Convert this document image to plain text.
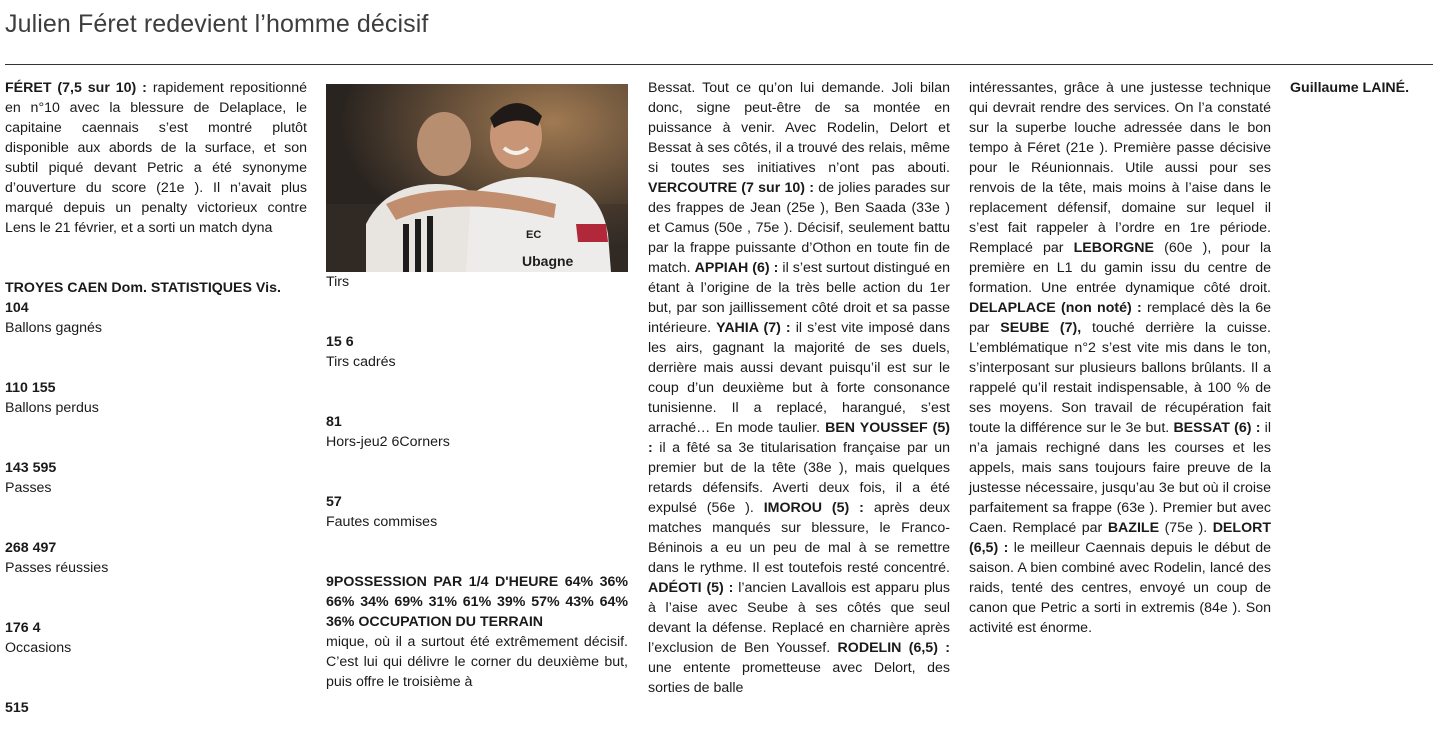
Julien Féret redevient l’homme décisif

FÉRET (7,5 sur 10) : rapidement repositionné en n°10 avec la blessure de Delaplace, le capitaine caennais s’est montré plutôt disponible aux abords de la surface, et son subtil piqué devant Petric a été synonyme d’ouverture du score (21e ). Il n’avait plus marqué depuis un penalty victorieux contre Lens le 21 février, et a sorti un match dyna

TROYES CAEN Dom. STATISTIQUES Vis. 104
Ballons gagnés
110 155
Ballons perdus
143 595
Passes
268 497
Passes réussies
176 4
Occasions
515
Ubagne
EC
Tirs
15 6
Tirs cadrés
81
Hors-jeu2 6Corners
57
Fautes commises
9POSSESSION PAR 1/4 D'HEURE 64% 36% 66% 34% 69% 31% 61% 39% 57% 43% 64% 36% OCCUPATION DU TERRAIN

mique, où il a surtout été extrêmement décisif. C’est lui qui délivre le corner du deuxième but, puis offre le troisième à

Bessat. Tout ce qu’on lui demande. Joli bilan donc, signe peut-être de sa montée en puissance à venir. Avec Rodelin, Delort et Bessat à ses côtés, il a trouvé des relais, même si toutes ses initiatives n’ont pas abouti. VERCOUTRE (7 sur 10) : de jolies parades sur des frappes de Jean (25e ), Ben Saada (33e ) et Camus (50e , 75e ). Décisif, seulement battu par la frappe puissante d’Othon en toute fin de match. APPIAH (6) : il s’est surtout distingué en étant à l’origine de la très belle action du 1er but, par son jaillissement côté droit et sa passe intérieure. YAHIA (7) : il s’est vite imposé dans les airs, gagnant la majorité de ses duels, derrière mais aussi devant puisqu’il est sur le coup d’un deuxième but à forte consonance tunisienne. Il a replacé, harangué, s’est arraché… En mode taulier. BEN YOUSSEF (5) : il a fêté sa 3e titularisation française par un premier but de la tête (38e ), mais quelques retards défensifs. Averti deux fois, il a été expulsé (56e ). IMOROU (5) : après deux matches manqués sur blessure, le Franco-Béninois a eu un peu de mal à se remettre dans le rythme. Il est toutefois resté concentré. ADÉOTI (5) : l’ancien Lavallois est apparu plus à l’aise avec Seube à ses côtés que seul devant la défense. Replacé en charnière après l’exclusion de Ben Youssef. RODELIN (6,5) : une entente prometteuse avec Delort, des sorties de balle

intéressantes, grâce à une justesse technique qui devrait rendre des services. On l’a constaté sur la superbe louche adressée dans le bon tempo à Féret (21e ). Première passe décisive pour le Réunionnais. Utile aussi pour ses renvois de la tête, mais moins à l’aise dans le replacement défensif, domaine sur lequel il s’est fait rappeler à l’ordre en 1re période. Remplacé par LEBORGNE (60e ), pour la première en L1 du gamin issu du centre de formation. Une entrée dynamique côté droit. DELAPLACE (non noté) : remplacé dès la 6e par SEUBE (7), touché derrière la cuisse. L’emblématique n°2 s’est vite mis dans le ton, s’interposant sur plusieurs ballons brûlants. Il a rappelé qu’il restait indispensable, à 100 % de ses moyens. Son travail de récupération fait toute la différence sur le 3e but. BESSAT (6) : il n’a jamais rechigné dans les courses et les appels, mais sans toujours faire preuve de la justesse nécessaire, jusqu’au 3e but où il croise parfaitement sa frappe (63e ). Premier but avec Caen. Remplacé par BAZILE (75e ). DELORT (6,5) : le meilleur Caennais depuis le début de saison. A bien combiné avec Rodelin, lancé des raids, tenté des centres, envoyé un coup de canon que Petric a sorti in extremis (84e ). Son activité est énorme.

Guillaume LAINÉ.
